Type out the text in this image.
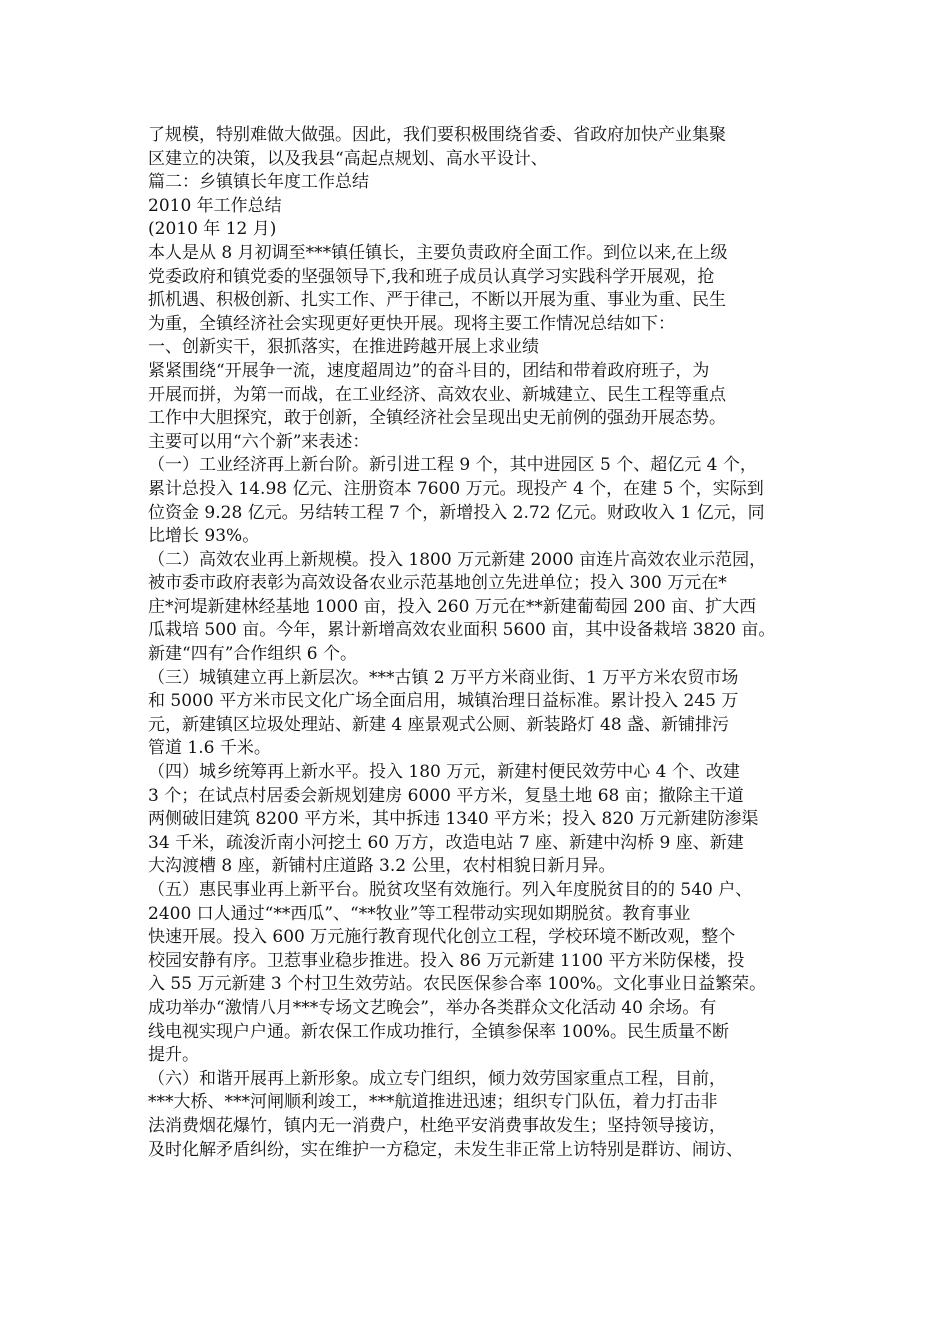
了规模，特别难做大做强。因此，我们要积极围绕省委、省政府加快产业集聚
区建立的决策，以及我县“高起点规划、高水平设计、
篇二：乡镇镇长年度工作总结
2010 年工作总结
(2010 年 12 月)
本人是从 8 月初调至***镇任镇长，主要负责政府全面工作。到位以来,在上级
党委政府和镇党委的坚强领导下,我和班子成员认真学习实践科学开展观，抢
抓机遇、积极创新、扎实工作、严于律己，不断以开展为重、事业为重、民生
为重，全镇经济社会实现更好更快开展。现将主要工作情况总结如下：
一、创新实干，狠抓落实，在推进跨越开展上求业绩
紧紧围绕“开展争一流，速度超周边”的奋斗目的，团结和带着政府班子，为
开展而拼，为第一而战，在工业经济、高效农业、新城建立、民生工程等重点
工作中大胆探究，敢于创新，全镇经济社会呈现出史无前例的强劲开展态势。
主要可以用“六个新”来表述：
（一）工业经济再上新台阶。新引进工程 9 个，其中进园区 5 个、超亿元 4 个，
累计总投入 14.98 亿元、注册资本 7600 万元。现投产 4 个，在建 5 个，实际到
位资金 9.28 亿元。另结转工程 7 个，新增投入 2.72 亿元。财政收入 1 亿元，同
比增长 93%。
（二）高效农业再上新规模。投入 1800 万元新建 2000 亩连片高效农业示范园，
被市委市政府表彰为高效设备农业示范基地创立先进单位；投入 300 万元在*
庄*河堤新建林经基地 1000 亩，投入 260 万元在**新建葡萄园 200 亩、扩大西
瓜栽培 500 亩。今年，累计新增高效农业面积 5600 亩，其中设备栽培 3820 亩。
新建“四有”合作组织 6 个。
（三）城镇建立再上新层次。***古镇 2 万平方米商业街、1 万平方米农贸市场
和 5000 平方米市民文化广场全面启用，城镇治理日益标准。累计投入 245 万
元，新建镇区垃圾处理站、新建 4 座景观式公厕、新装路灯 48 盏、新铺排污
管道 1.6 千米。
（四）城乡统筹再上新水平。投入 180 万元，新建村便民效劳中心 4 个、改建
3 个；在试点村居委会新规划建房 6000 平方米，复垦土地 68 亩；撤除主干道
两侧破旧建筑 8200 平方米，其中拆违 1340 平方米；投入 820 万元新建防渗渠
34 千米，疏浚沂南小河挖土 60 万方，改造电站 7 座、新建中沟桥 9 座、新建
大沟渡槽 8 座，新铺村庄道路 3.2 公里，农村相貌日新月异。
（五）惠民事业再上新平台。脱贫攻坚有效施行。列入年度脱贫目的的 540 户、
2400 口人通过“**西瓜”、“**牧业”等工程带动实现如期脱贫。教育事业
快速开展。投入 600 万元施行教育现代化创立工程，学校环境不断改观，整个
校园安静有序。卫惹事业稳步推进。投入 86 万元新建 1100 平方米防保楼，投
入 55 万元新建 3 个村卫生效劳站。农民医保参合率 100%。文化事业日益繁荣。
成功举办“激情八月***专场文艺晚会”，举办各类群众文化活动 40 余场。有
线电视实现户户通。新农保工作成功推行，全镇参保率 100%。民生质量不断
提升。
（六）和谐开展再上新形象。成立专门组织，倾力效劳国家重点工程，目前，
***大桥、***河闸顺利竣工，***航道推进迅速；组织专门队伍，着力打击非
法消费烟花爆竹，镇内无一消费户，杜绝平安消费事故发生；坚持领导接访，
及时化解矛盾纠纷，实在维护一方稳定，未发生非正常上访特别是群访、闹访、
